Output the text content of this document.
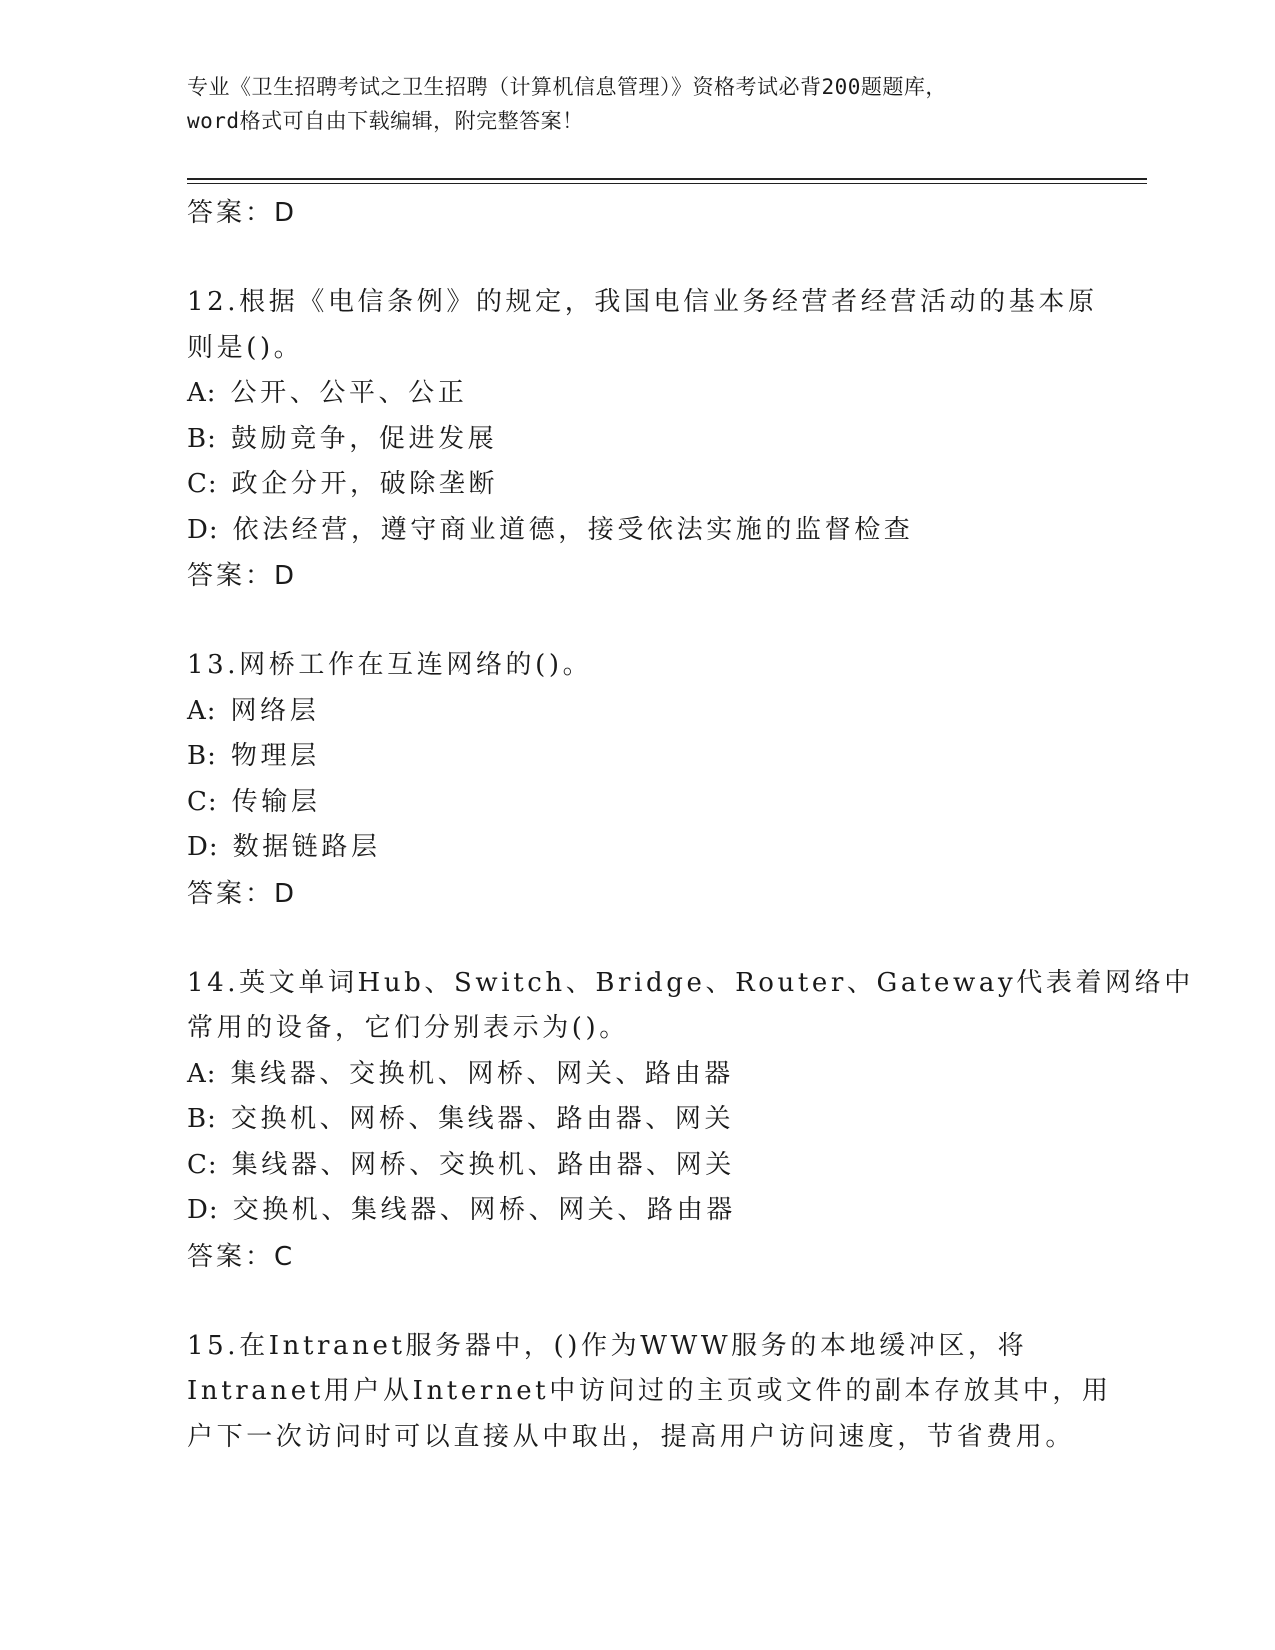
专业《卫生招聘考试之卫生招聘（计算机信息管理）》资格考试必背200题题库，
word格式可自由下载编辑，附完整答案！
答案：D
12.根据《电信条例》的规定，我国电信业务经营者经营活动的基本原
则是()。
A: 公开、公平、公正
B: 鼓励竞争，促进发展
C: 政企分开，破除垄断
D: 依法经营，遵守商业道德，接受依法实施的监督检查
答案：D
13.网桥工作在互连网络的()。
A: 网络层
B: 物理层
C: 传输层
D: 数据链路层
答案：D
14.英文单词Hub、Switch、Bridge、Router、Gateway代表着网络中
常用的设备，它们分别表示为()。
A: 集线器、交换机、网桥、网关、路由器
B: 交换机、网桥、集线器、路由器、网关
C: 集线器、网桥、交换机、路由器、网关
D: 交换机、集线器、网桥、网关、路由器
答案：C
15.在Intranet服务器中，()作为WWW服务的本地缓冲区，将
Intranet用户从Internet中访问过的主页或文件的副本存放其中，用
户下一次访问时可以直接从中取出，提高用户访问速度，节省费用。
